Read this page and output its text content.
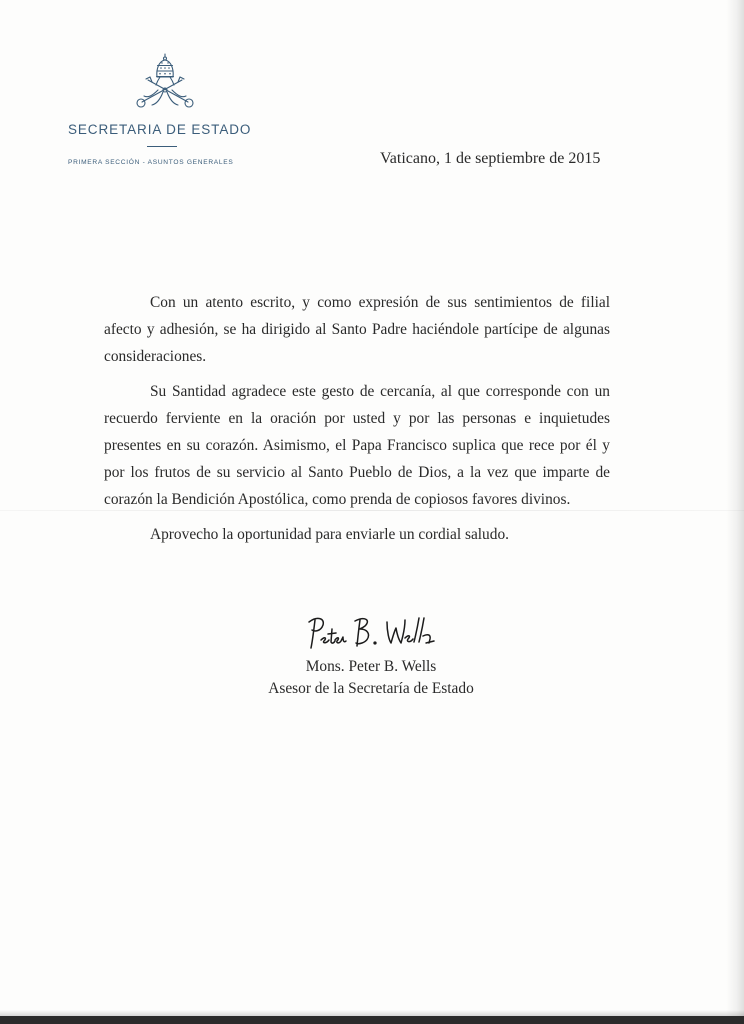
SECRETARIA DE ESTADO
PRIMERA SECCIÓN - ASUNTOS GENERALES	Vaticano, 1 de septiembre de 2015

Con un atento escrito, y como expresión de sus sentimientos de filial afecto y adhesión, se ha dirigido al Santo Padre haciéndole partícipe de algunas consideraciones.

Su Santidad agradece este gesto de cercanía, al que corresponde con un recuerdo ferviente en la oración por usted y por las personas e inquietudes presentes en su corazón. Asimismo, el Papa Francisco suplica que rece por él y por los frutos de su servicio al Santo Pueblo de Dios, a la vez que imparte de corazón la Bendición Apostólica, como prenda de copiosos favores divinos.

Aprovecho la oportunidad para enviarle un cordial saludo.

Mons. Peter B. Wells
Asesor de la Secretaría de Estado
